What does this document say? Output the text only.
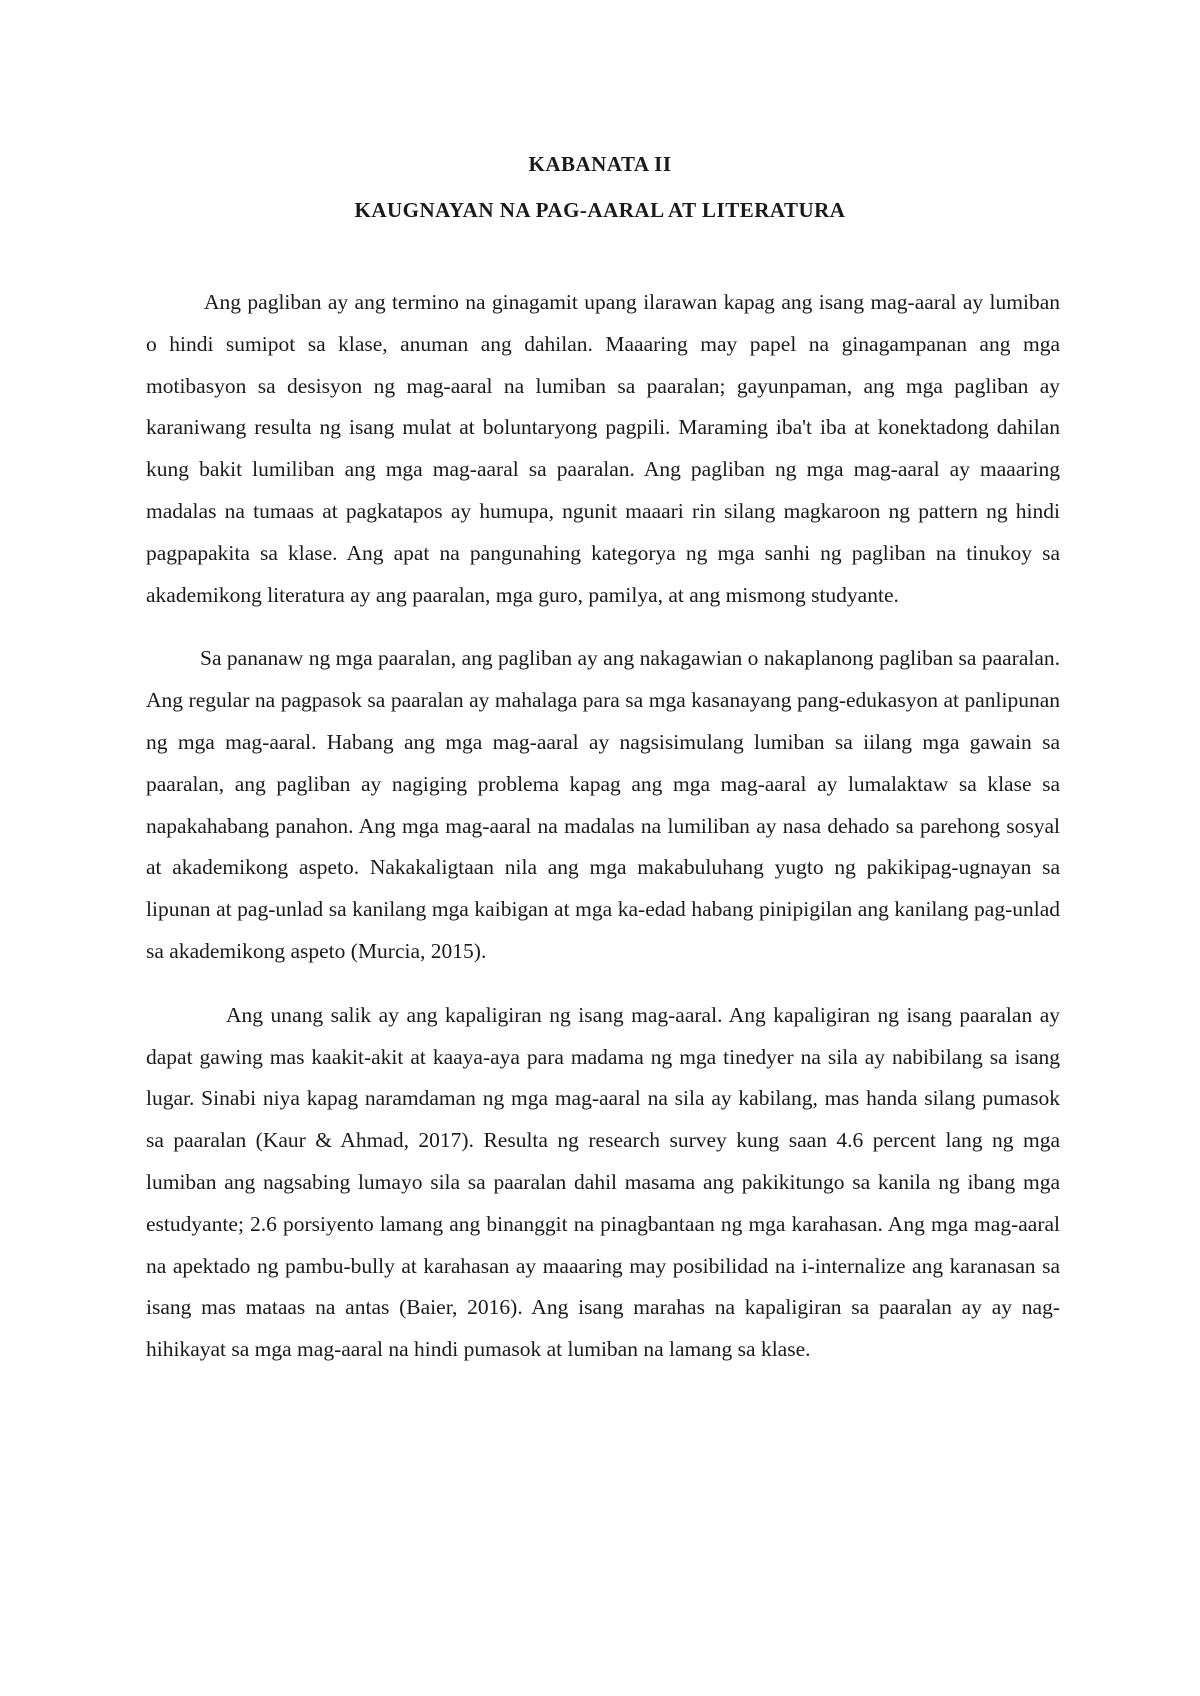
KABANATA II
KAUGNAYAN NA PAG-AARAL AT LITERATURA

Ang pagliban ay ang termino na ginagamit upang ilarawan kapag ang isang mag-aaral ay lumiban o hindi sumipot sa klase, anuman ang dahilan. Maaaring may papel na ginagampanan ang mga motibasyon sa desisyon ng mag-aaral na lumiban sa paaralan; gayunpaman, ang mga pagliban ay karaniwang resulta ng isang mulat at boluntaryong pagpili. Maraming iba't iba at konektadong dahilan kung bakit lumiliban ang mga mag-aaral sa paaralan. Ang pagliban ng mga mag-aaral ay maaaring madalas na tumaas at pagkatapos ay humupa, ngunit maaari rin silang magkaroon ng pattern ng hindi pagpapakita sa klase. Ang apat na pangunahing kategorya ng mga sanhi ng pagliban na tinukoy sa akademikong literatura ay ang paaralan, mga guro, pamilya, at ang mismong studyante.

Sa pananaw ng mga paaralan, ang pagliban ay ang nakagawian o nakaplanong pagliban sa paaralan. Ang regular na pagpasok sa paaralan ay mahalaga para sa mga kasanayang pang-edukasyon at panlipunan ng mga mag-aaral. Habang ang mga mag-aaral ay nagsisimulang lumiban sa iilang mga gawain sa paaralan, ang pagliban ay nagiging problema kapag ang mga mag-aaral ay lumalaktaw sa klase sa napakahabang panahon. Ang mga mag-aaral na madalas na lumiliban ay nasa dehado sa parehong sosyal at akademikong aspeto. Nakakaligtaan nila ang mga makabuluhang yugto ng pakikipag-ugnayan sa lipunan at pag-unlad sa kanilang mga kaibigan at mga ka-edad habang pinipigilan ang kanilang pag-unlad sa akademikong aspeto (Murcia, 2015).

Ang unang salik ay ang kapaligiran ng isang mag-aaral. Ang kapaligiran ng isang paaralan ay dapat gawing mas kaakit-akit at kaaya-aya para madama ng mga tinedyer na sila ay nabibilang sa isang lugar. Sinabi niya kapag naramdaman ng mga mag-aaral na sila ay kabilang, mas handa silang pumasok sa paaralan (Kaur & Ahmad, 2017). Resulta ng research survey kung saan 4.6 percent lang ng mga lumiban ang nagsabing lumayo sila sa paaralan dahil masama ang pakikitungo sa kanila ng ibang mga estudyante; 2.6 porsiyento lamang ang binanggit na pinagbantaan ng mga karahasan. Ang mga mag-aaral na apektado ng pambu-bully at karahasan ay maaaring may posibilidad na i-internalize ang karanasan sa isang mas mataas na antas (Baier, 2016). Ang isang marahas na kapaligiran sa paaralan ay ay nag-hihikayat sa mga mag-aaral na hindi pumasok at lumiban na lamang sa klase.
